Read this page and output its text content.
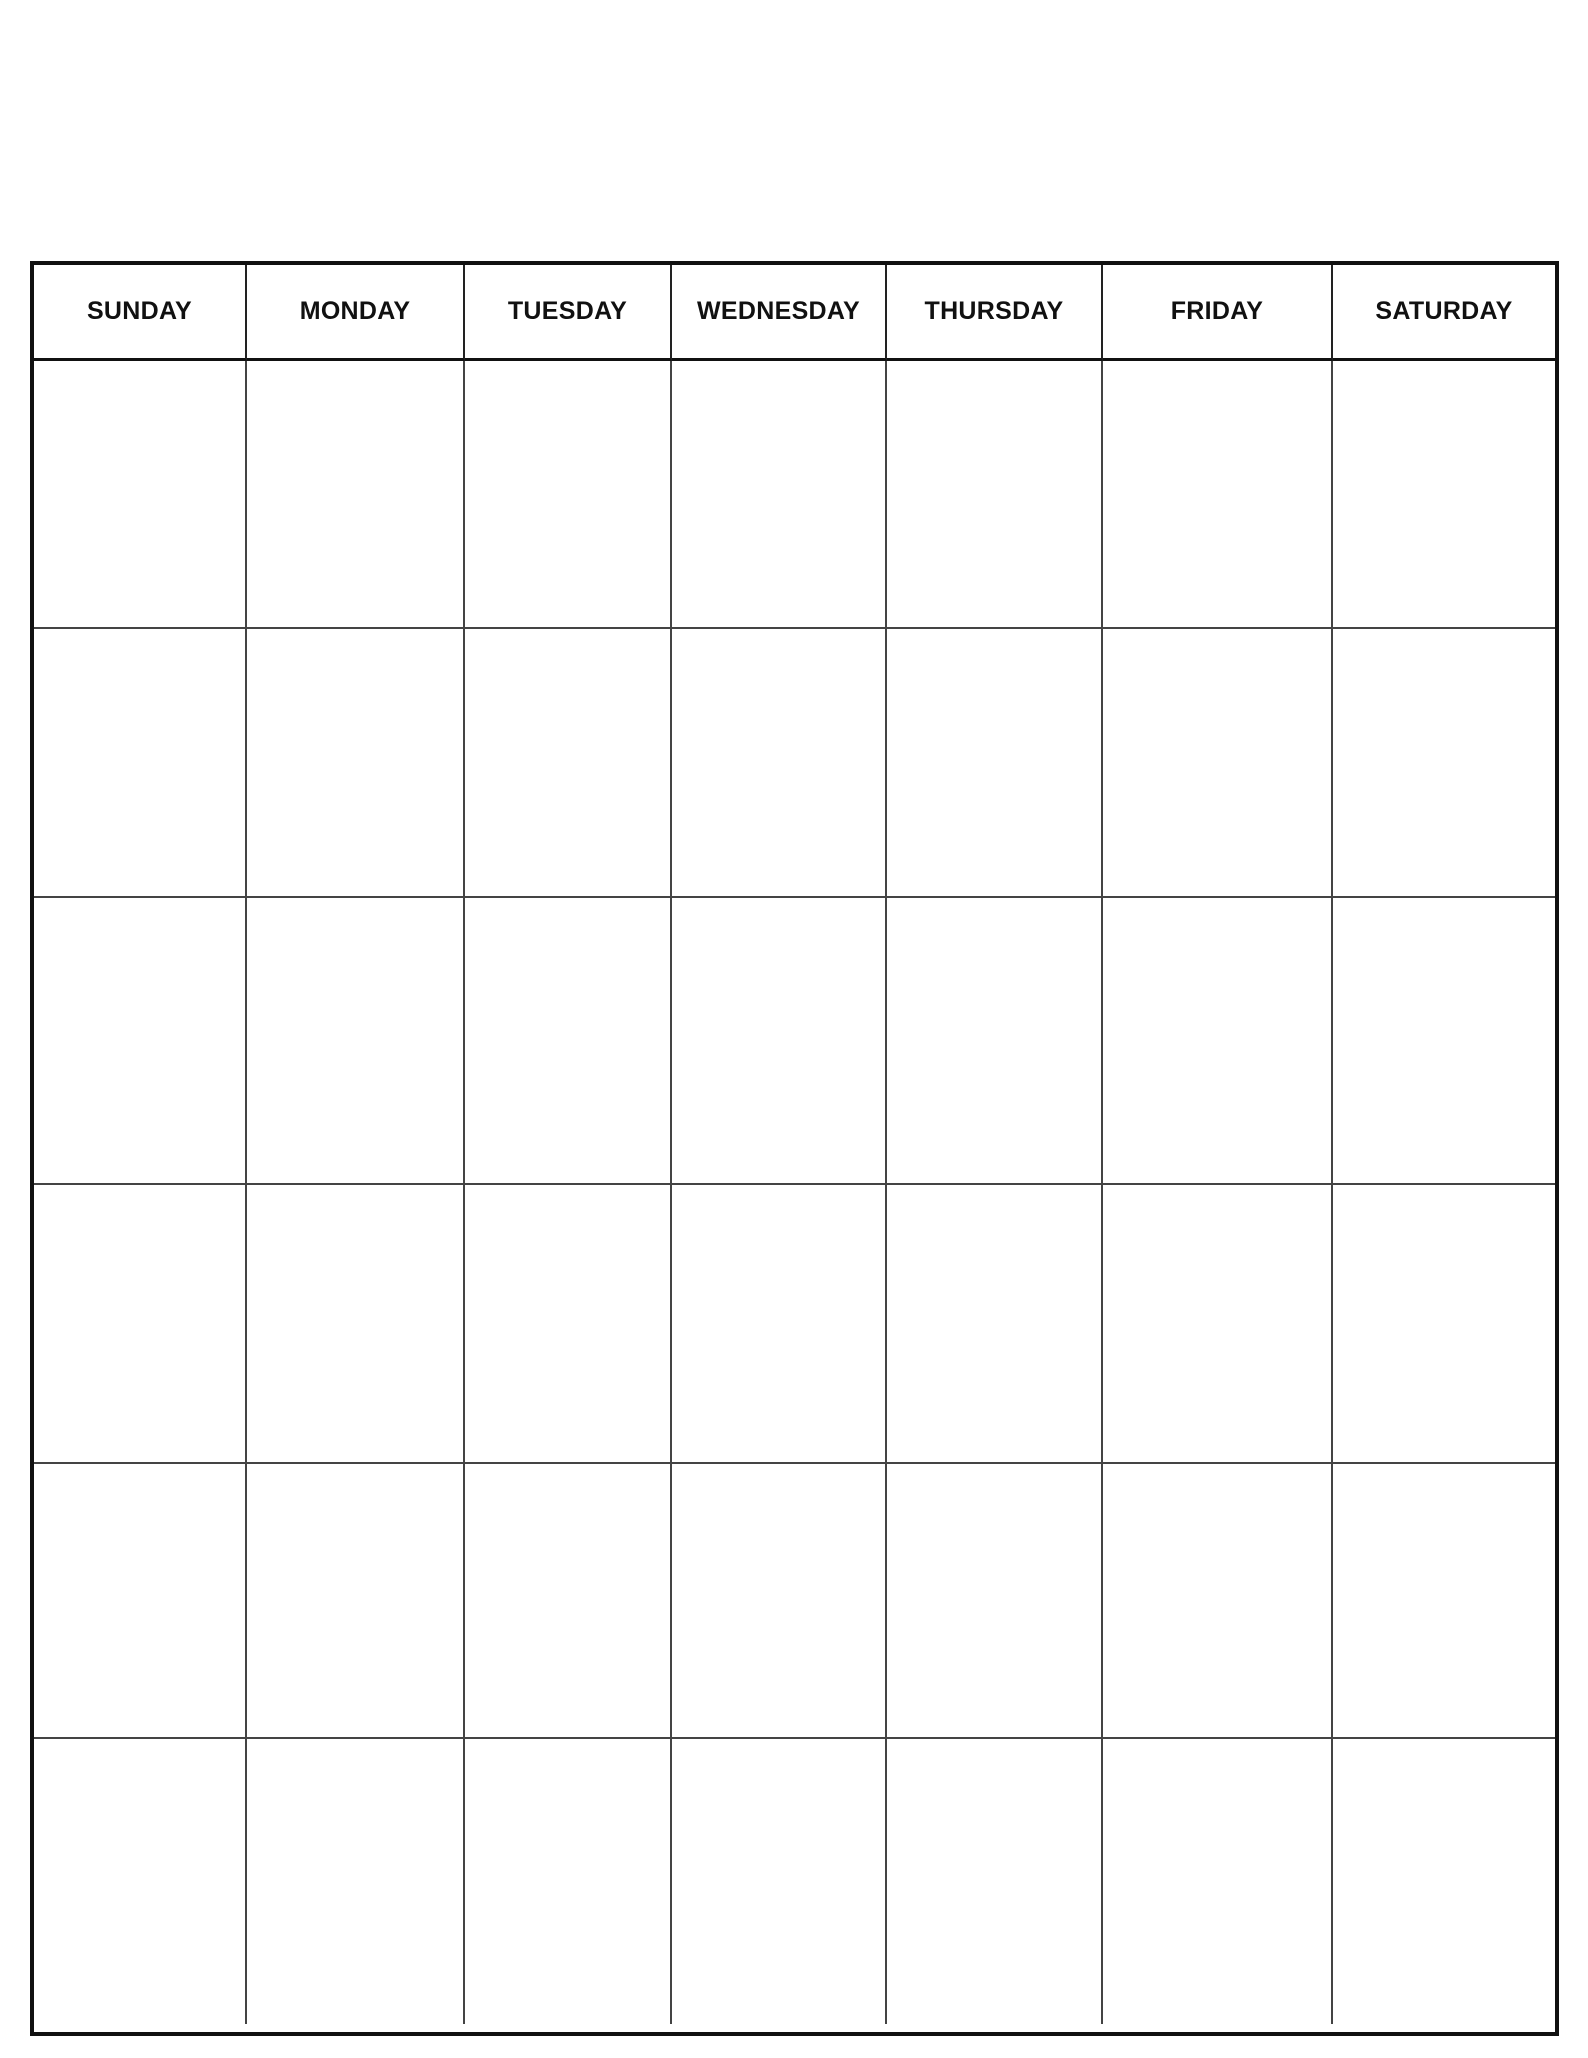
SUNDAY	MONDAY	TUESDAY	WEDNESDAY	THURSDAY	FRIDAY	SATURDAY
